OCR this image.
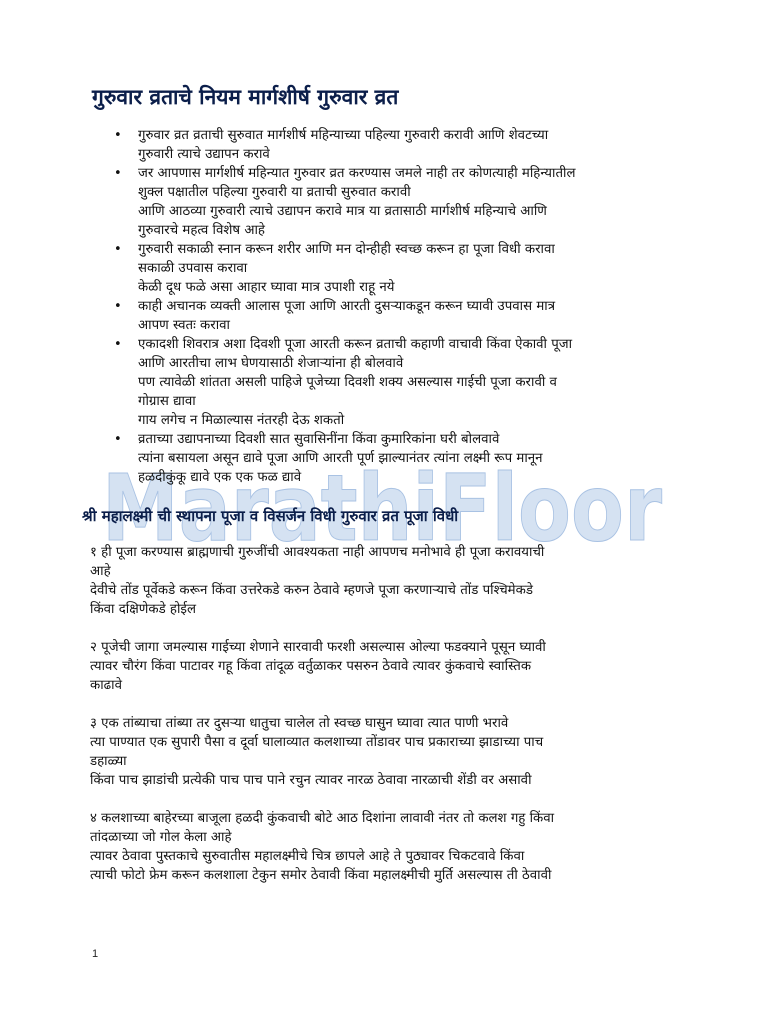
MarathiFloor
गुरुवार व्रताचे नियम मार्गशीर्ष गुरुवार व्रत
• गुरुवार व्रत व्रताची सुरुवात मार्गशीर्ष महिन्याच्या पहिल्या गुरुवारी करावी आणि शेवटच्या
गुरुवारी त्याचे उद्यापन करावे
• जर आपणास मार्गशीर्ष महिन्यात गुरुवार व्रत करण्यास जमले नाही तर कोणत्याही महिन्यातील
शुक्ल पक्षातील पहिल्या गुरुवारी या व्रताची सुरुवात करावी
आणि आठव्या गुरुवारी त्याचे उद्यापन करावे मात्र या व्रतासाठी मार्गशीर्ष महिन्याचे आणि
गुरुवारचे महत्व विशेष आहे
• गुरुवारी सकाळी स्नान करून शरीर आणि मन दोन्हीही स्वच्छ करून हा पूजा विधी करावा
सकाळी उपवास करावा
केळी दूध फळे असा आहार घ्यावा मात्र उपाशी राहू नये
• काही अचानक व्यक्ती आलास पूजा आणि आरती दुसऱ्याकडून करून घ्यावी उपवास मात्र
आपण स्वतः करावा
• एकादशी शिवरात्र अशा दिवशी पूजा आरती करून व्रताची कहाणी वाचावी किंवा ऐकावी पूजा
आणि आरतीचा लाभ घेणयासाठी शेजाऱ्यांना ही बोलवावे
पण त्यावेळी शांतता असली पाहिजे पूजेच्या दिवशी शक्य असल्यास गाईची पूजा करावी व
गोग्रास द्यावा
गाय लगेच न मिळाल्यास नंतरही देऊ शकतो
• व्रताच्या उद्यापनाच्या दिवशी सात सुवासिनींना किंवा कुमारिकांना घरी बोलवावे
त्यांना बसायला असून द्यावे पूजा आणि आरती पूर्ण झाल्यानंतर त्यांना लक्ष्मी रूप मानून
हळदीकुंकू द्यावे एक एक फळ द्यावे
श्री महालक्ष्मी ची स्थापना पूजा व विसर्जन विधी गुरुवार व्रत पूजा विधी
१ ही पूजा करण्यास ब्राह्मणाची गुरुजींची आवश्यकता नाही आपणच मनोभावे ही पूजा करावयाची
आहे
देवीचे तोंड पूर्वेकडे करून किंवा उत्तरेकडे करुन ठेवावे म्हणजे पूजा करणाऱ्याचे तोंड पश्चिमेकडे
किंवा दक्षिणेकडे होईल
२ पूजेची जागा जमल्यास गाईच्या शेणाने सारवावी फरशी असल्यास ओल्या फडक्याने पूसून घ्यावी
त्यावर चौरंग किंवा पाटावर गहू किंवा तांदूळ वर्तुळाकर पसरुन ठेवावे त्यावर कुंकवाचे स्वास्तिक
काढावे
३ एक तांब्याचा तांब्या तर दुसऱ्या धातुचा चालेल तो स्वच्छ घासुन घ्यावा त्यात पाणी भरावे
त्या पाण्यात एक सुपारी पैसा व दूर्वा घालाव्यात कलशाच्या तोंडावर पाच प्रकाराच्या झाडाच्या पाच
डहाळ्या
किंवा पाच झाडांची प्रत्येकी पाच पाच पाने रचुन त्यावर नारळ ठेवावा नारळाची शेंडी वर असावी
४ कलशाच्या बाहेरच्या बाजूला हळदी कुंकवाची बोटे आठ दिशांना लावावी नंतर तो कलश गहु किंवा
तांदळाच्या जो गोल केला आहे
त्यावर ठेवावा पुस्तकाचे सुरुवातीस महालक्ष्मीचे चित्र छापले आहे ते पुठ्यावर चिकटवावे किंवा
त्याची फोटो फ्रेम करून कलशाला टेकुन समोर ठेवावी किंवा महालक्ष्मीची मुर्ति असल्यास ती ठेवावी
1
